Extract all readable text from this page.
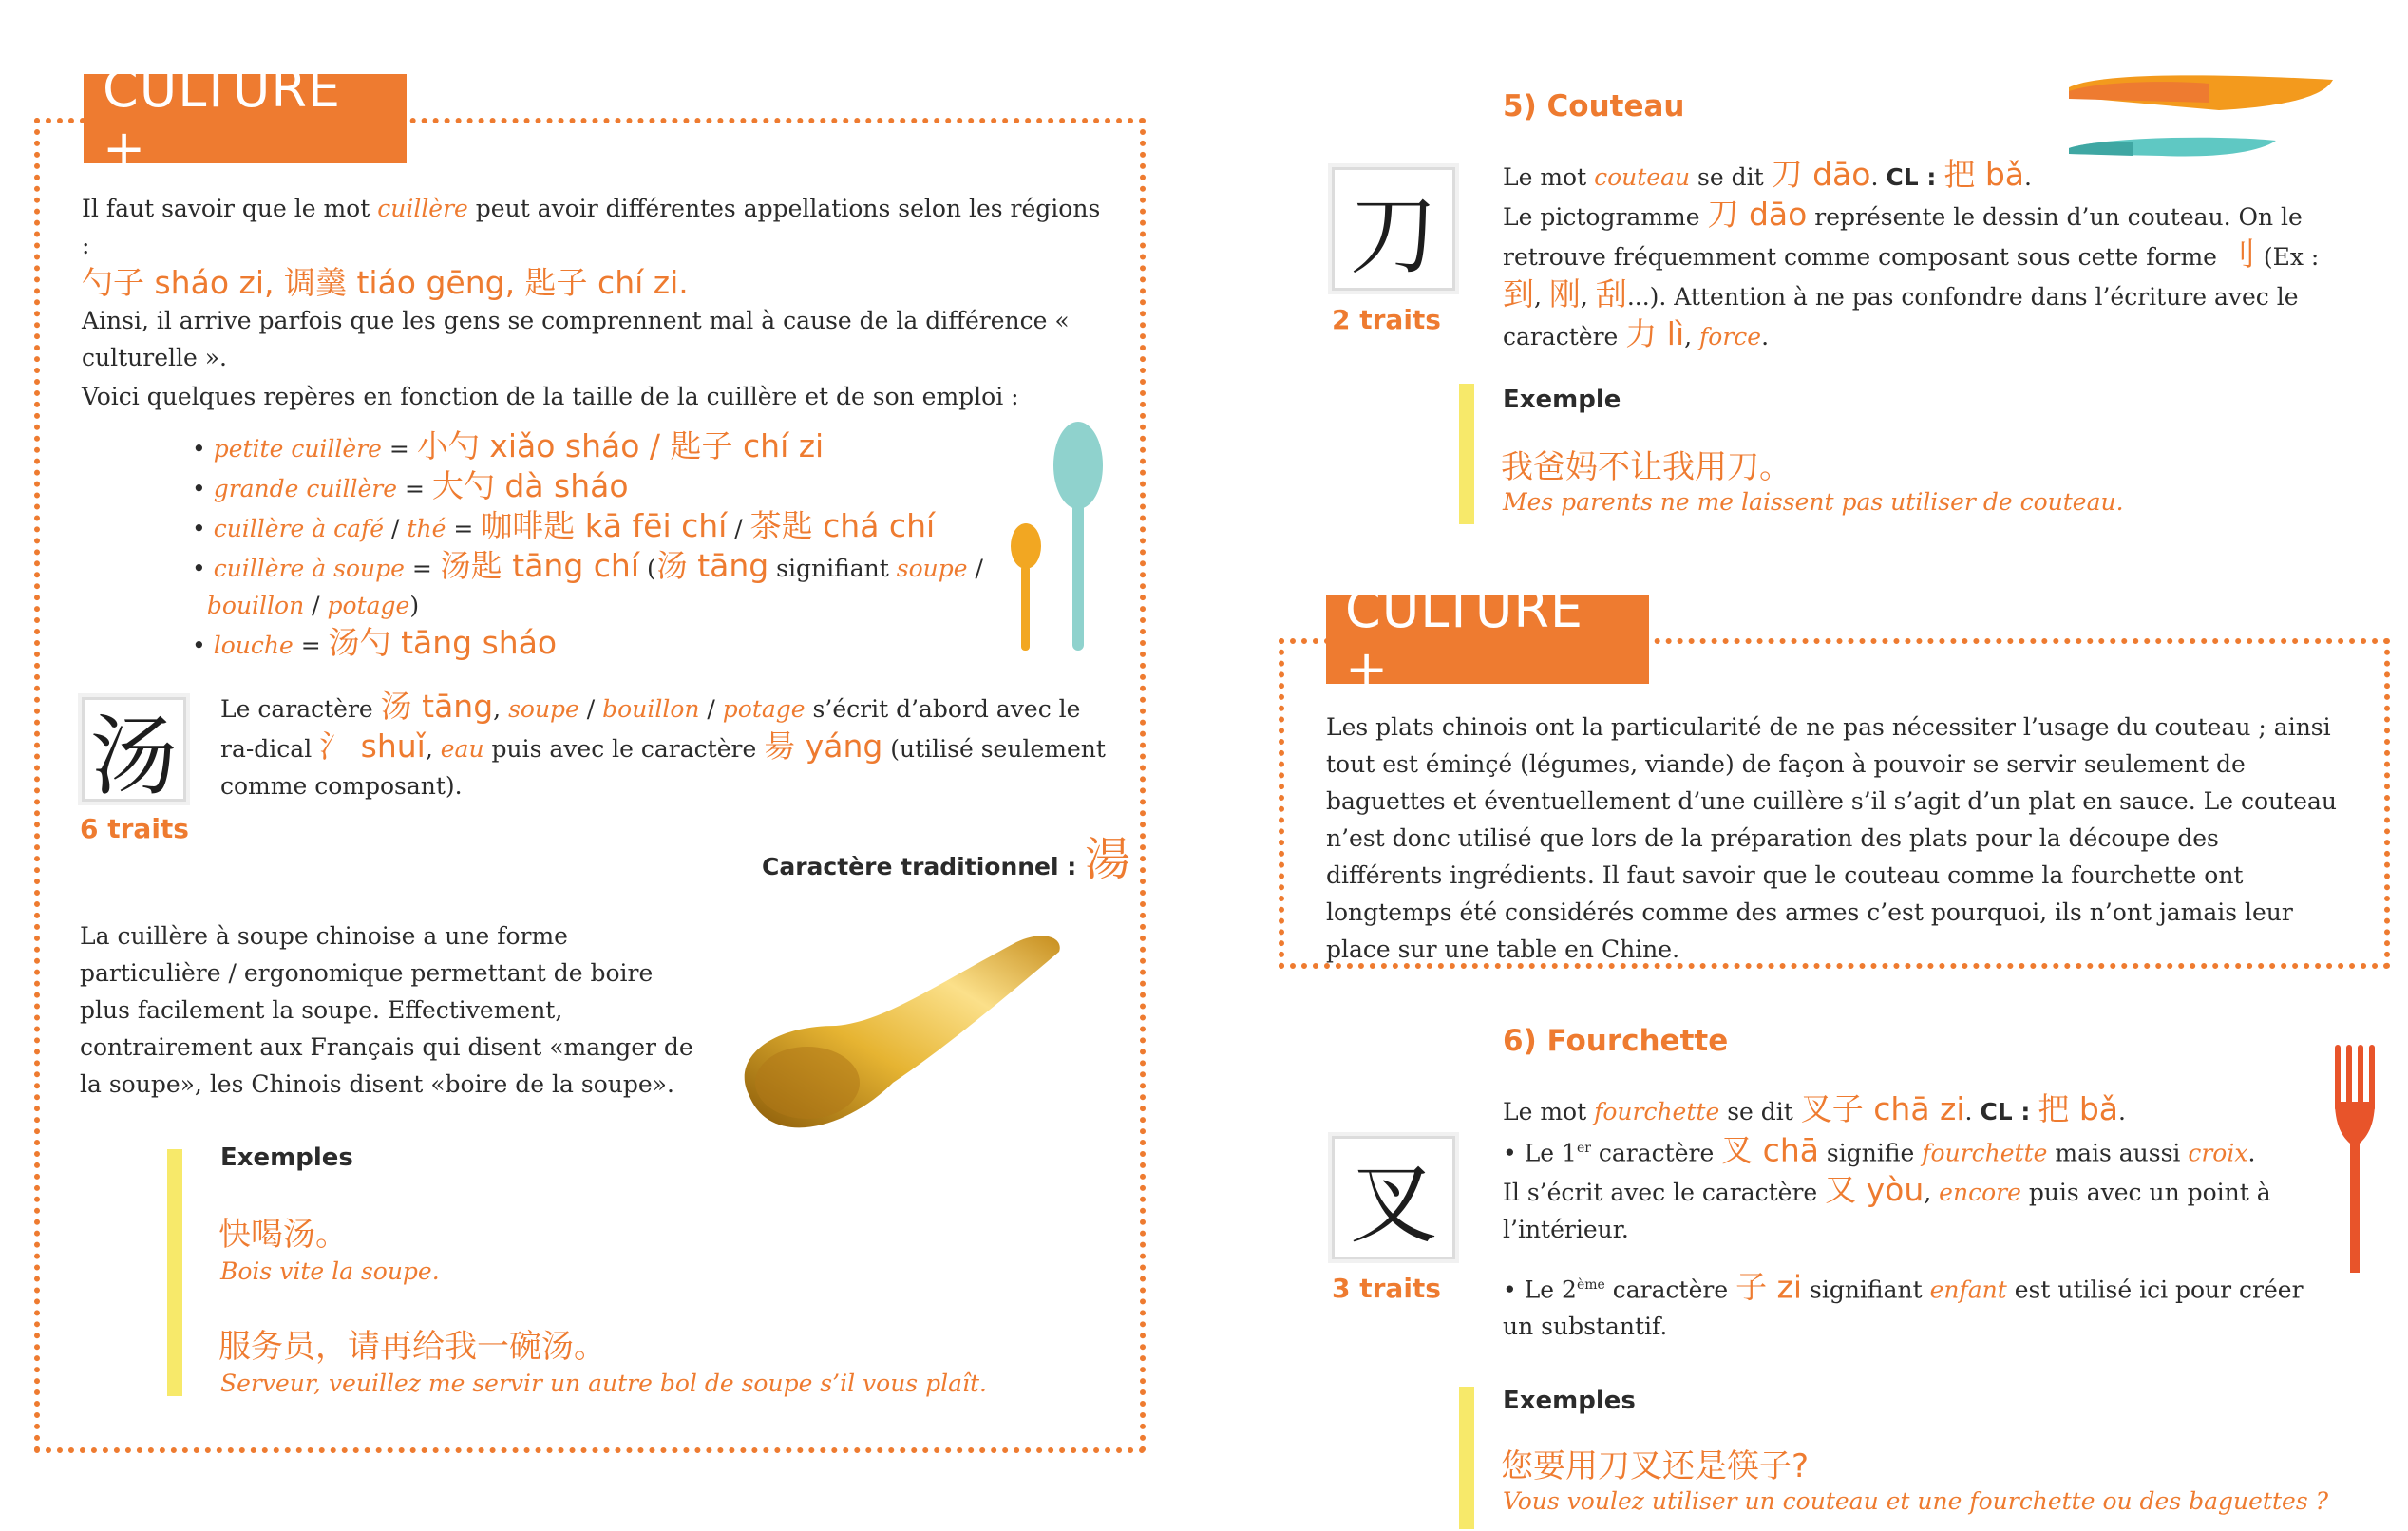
CULTURE +
Il faut savoir que le mot cuillère peut avoir différentes appellations selon les régions :
勺子 sháo zi, 调羹 tiáo gēng, 匙子 chí zi.
Ainsi, il arrive parfois que les gens se comprennent mal à cause de la différence « culturelle ».
Voici quelques repères en fonction de la taille de la cuillère et de son emploi :
• petite cuillère = 小勺 xiǎo sháo / 匙子 chí zi
• grande cuillère = 大勺 dà sháo
• cuillère à café / thé = 咖啡匙 kā fēi chí / 茶匙 chá chí
• cuillère à soupe = 汤匙 tāng chí (汤 tāng signifiant soupe /
bouillon / potage)
• louche = 汤勺 tāng sháo
汤
6 traits
Le caractère 汤 tāng, soupe / bouillon / potage s’écrit d’abord avec le ra-dical 氵 shuǐ, eau puis avec le caractère 昜 yáng (utilisé seulement comme composant).
Caractère traditionnel : 湯
La cuillère à soupe chinoise a une forme particulière / ergonomique permettant de boire plus facilement la soupe. Effectivement, contrairement aux Français qui disent «manger de la soupe», les Chinois disent «boire de la soupe».
Exemples
快喝汤。
Bois vite la soupe.
服务员，请再给我一碗汤。
Serveur, veuillez me servir un autre bol de soupe s’il vous plaît.
5) Couteau
刀
2 traits
Le mot couteau se dit 刀 dāo. CL : 把 bǎ.
Le pictogramme 刀 dāo représente le dessin d’un couteau. On le retrouve fréquemment comme composant sous cette forme 刂 (Ex : 到, 刚, 刮...). Attention à ne pas confondre dans l’écriture avec le caractère 力 lì, force.
Exemple
我爸妈不让我用刀。
Mes parents ne me laissent pas utiliser de couteau.
CULTURE +
Les plats chinois ont la particularité de ne pas nécessiter l’usage du couteau ; ainsi tout est éminçé (légumes, viande) de façon à pouvoir se servir seulement de baguettes et éventuellement d’une cuillère s’il s’agit d’un plat en sauce. Le couteau n’est donc utilisé que lors de la préparation des plats pour la découpe des différents ingrédients. Il faut savoir que le couteau comme la fourchette ont longtemps été considérés comme des armes c’est pourquoi, ils n’ont jamais leur place sur une table en Chine.
6) Fourchette
叉
3 traits
Le mot fourchette se dit 叉子 chā zi. CL : 把 bǎ.
• Le 1er caractère 叉 chā signifie fourchette mais aussi croix.
Il s’écrit avec le caractère 又 yòu, encore puis avec un point à l’intérieur.
• Le 2ème caractère 子 zi signifiant enfant est utilisé ici pour créer un substantif.
Exemples
您要用刀叉还是筷子?
Vous voulez utiliser un couteau et une fourchette ou des baguettes ?
